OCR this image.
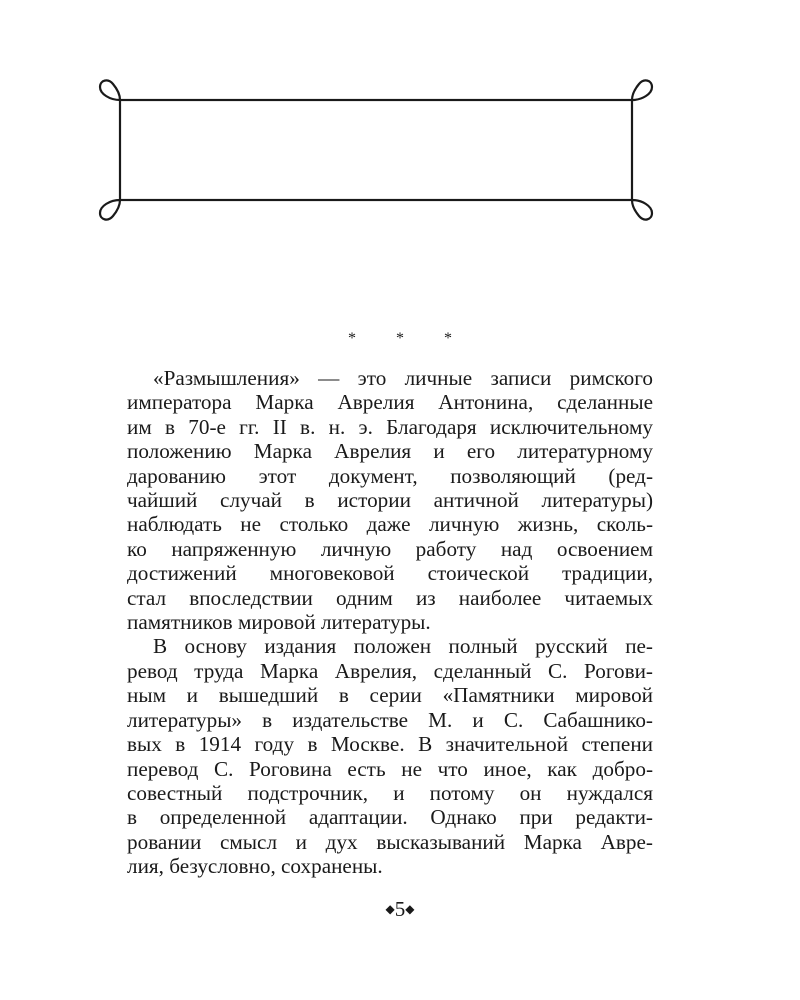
* * *
«Размышления» — это личные записи римского
императора Марка Аврелия Антонина, сделанные
им в 70-е гг. II в. н. э. Благодаря исключительному
положению Марка Аврелия и его литературному
дарованию этот документ, позволяющий (ред-
чайший случай в истории античной литературы)
наблюдать не столько даже личную жизнь, сколь-
ко напряженную личную работу над освоением
достижений многовековой стоической традиции,
стал впоследствии одним из наиболее читаемых
памятников мировой литературы.
В основу издания положен полный русский пе-
ревод труда Марка Аврелия, сделанный С. Рогови-
ным и вышедший в серии «Памятники мировой
литературы» в издательстве М. и С. Сабашнико-
вых в 1914 году в Москве. В значительной степени
перевод С. Роговина есть не что иное, как добро-
совестный подстрочник, и потому он нуждался
в определенной адаптации. Однако при редакти-
ровании смысл и дух высказываний Марка Авре-
лия, безусловно, сохранены.
◆5◆
